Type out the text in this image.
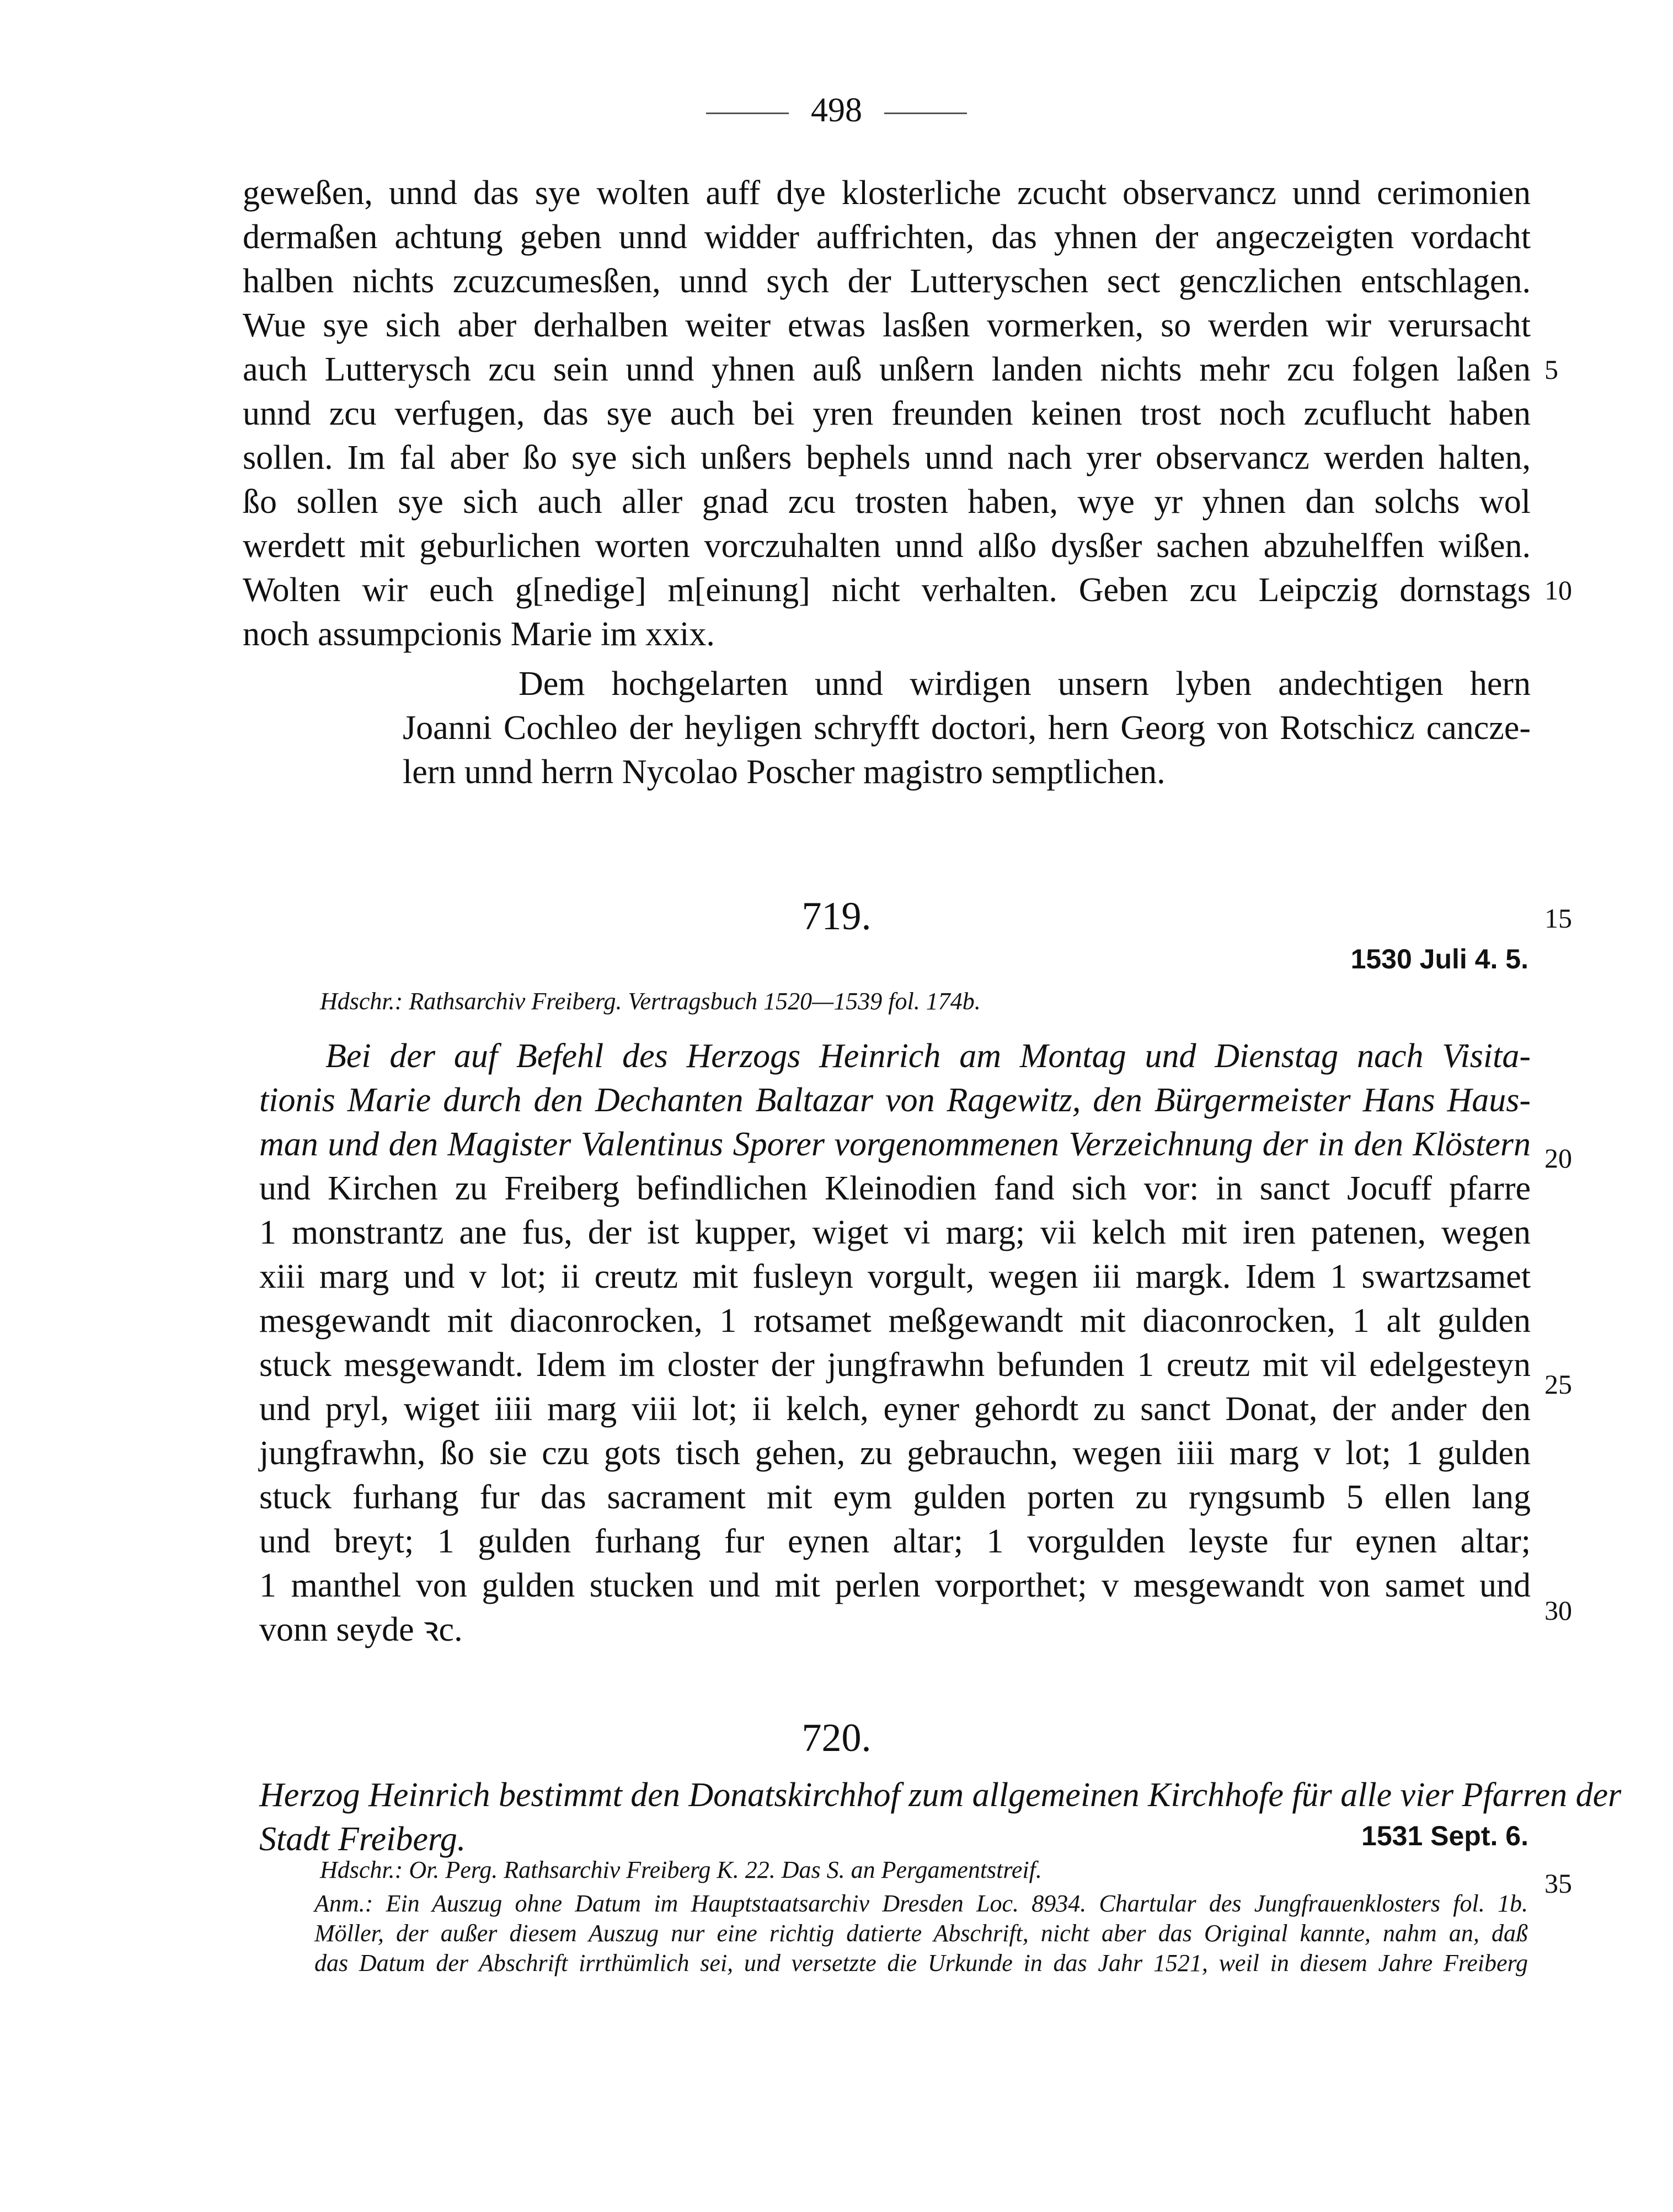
498
geweßen, unnd das sye wolten auff dye klosterliche zcucht observancz unnd cerimonien
dermaßen achtung geben unnd widder auffrichten, das yhnen der angeczeigten vordacht
halben nichts zcuzcumesßen, unnd sych der Lutteryschen sect genczlichen entschlagen.
Wue sye sich aber derhalben weiter etwas lasßen vormerken, so werden wir verursacht
auch Lutterysch zcu sein unnd yhnen auß unßern landen nichts mehr zcu folgen laßen
unnd zcu verfugen, das sye auch bei yren freunden keinen trost noch zcuflucht haben
sollen. Im fal aber ßo sye sich unßers bephels unnd nach yrer observancz werden halten,
ßo sollen sye sich auch aller gnad zcu trosten haben, wye yr yhnen dan solchs wol
werdett mit geburlichen worten vorczuhalten unnd alßo dysßer sachen abzuhelffen wißen.
Wolten wir euch g[nedige] m[einung] nicht verhalten. Geben zcu Leipczig dornstags
noch assumpcionis Marie im xxix.
Dem hochgelarten unnd wirdigen unsern lyben andechtigen hern
Joanni Cochleo der heyligen schryfft doctori, hern Georg von Rotschicz canczе-
lern unnd herrn Nycolao Poscher magistro semptlichen.
5
10
15
20
25
30
35
719.
1530 Juli 4. 5.
Hdschr.: Rathsarchiv Freiberg. Vertragsbuch 1520—1539 fol. 174b.
Bei der auf Befehl des Herzogs Heinrich am Montag und Dienstag nach Visita-
tionis Marie durch den Dechanten Baltazar von Ragewitz, den Bürgermeister Hans Haus-
man und den Magister Valentinus Sporer vorgenommenen Verzeichnung der in den Klöstern
und Kirchen zu Freiberg befindlichen Kleinodien fand sich vor: in sanct Jocuff pfarre
1 monstrantz ane fus, der ist kupper, wiget vi marg; vii kelch mit iren patenen, wegen
xiii marg und v lot; ii creutz mit fusleyn vorgult, wegen iii margk. Idem 1 swartzsamet
mesgewandt mit diaconrocken, 1 rotsamet meßgewandt mit diaconrocken, 1 alt gulden
stuck mesgewandt. Idem im closter der jungfrawhn befunden 1 creutz mit vil edelgesteyn
und pryl, wiget iiii marg viii lot; ii kelch, eyner gehordt zu sanct Donat, der ander den
jungfrawhn, ßo sie czu gots tisch gehen, zu gebrauchn, wegen iiii marg v lot; 1 gulden
stuck furhang fur das sacrament mit eym gulden porten zu ryngsumb 5 ellen lang
und breyt; 1 gulden furhang fur eynen altar; 1 vorgulden leyste fur eynen altar;
1 manthel von gulden stucken und mit perlen vorporthet; v mesgewandt von samet und
vonn seyde ꝛc.
720.
Herzog Heinrich bestimmt den Donatskirchhof zum allgemeinen Kirchhofe für alle vier Pfarren der
Stadt Freiberg.	1531 Sept. 6.
Hdschr.: Or. Perg. Rathsarchiv Freiberg K. 22. Das S. an Pergamentstreif.
Anm.: Ein Auszug ohne Datum im Hauptstaatsarchiv Dresden Loc. 8934. Chartular des Jungfrauenklosters fol. 1b.
Möller, der außer diesem Auszug nur eine richtig datierte Abschrift, nicht aber das Original kannte, nahm an, daß
das Datum der Abschrift irrthümlich sei, und versetzte die Urkunde in das Jahr 1521, weil in diesem Jahre Freiberg
